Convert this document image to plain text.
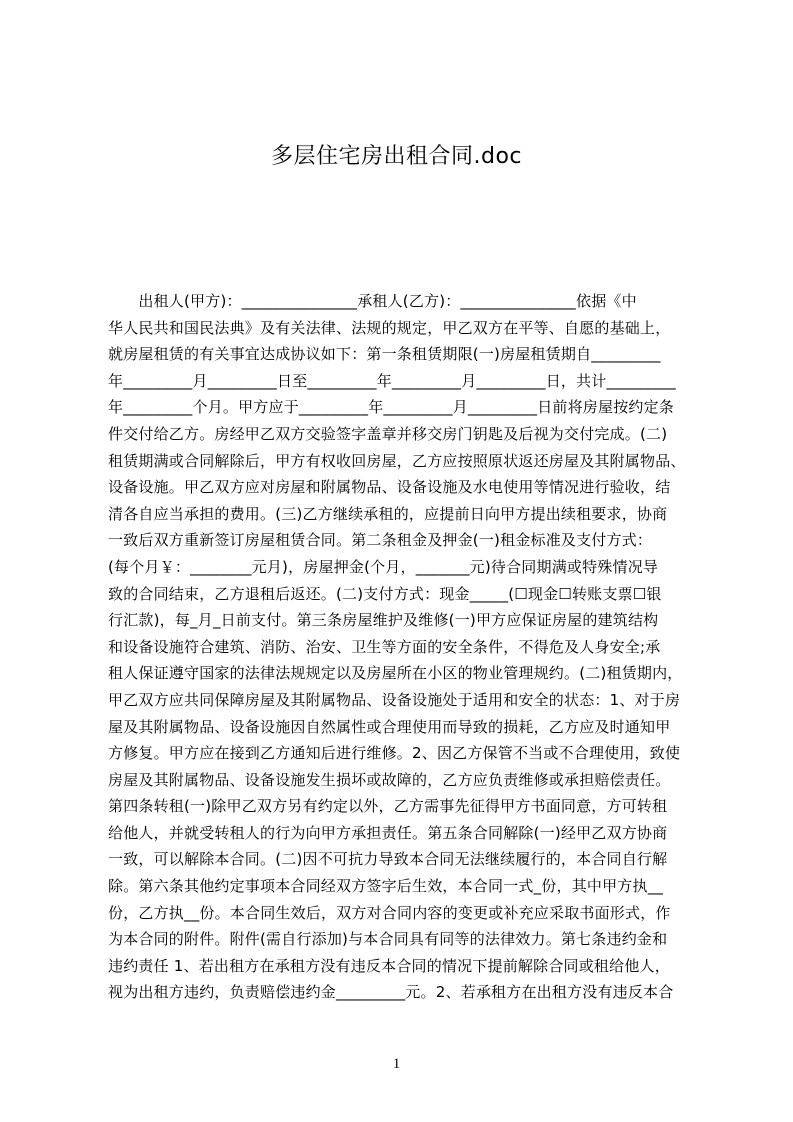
多层住宅房出租合同.doc
　　出租人(甲方)：_______________承租人(乙方)：_______________依据《中
华人民共和国民法典》及有关法律、法规的规定，甲乙双方在平等、自愿的基础上，
就房屋租赁的有关事宜达成协议如下：第一条租赁期限(一)房屋租赁期自_________
年_________月_________日至_________年_________月_________日，共计_________
年_________个月。甲方应于_________年_________月_________日前将房屋按约定条
件交付给乙方。房经甲乙双方交验签字盖章并移交房门钥匙及后视为交付完成。(二)
租赁期满或合同解除后，甲方有权收回房屋，乙方应按照原状返还房屋及其附属物品、
设备设施。甲乙双方应对房屋和附属物品、设备设施及水电使用等情况进行验收，结
清各自应当承担的费用。(三)乙方继续承租的，应提前日向甲方提出续租要求，协商
一致后双方重新签订房屋租赁合同。第二条租金及押金(一)租金标准及支付方式：
(每个月￥：________元月)，房屋押金(个月，_______元)待合同期满或特殊情况导
致的合同结束，乙方退租后返还。(二)支付方式：现金_____(☐现金☐转账支票☐银
行汇款)，每_月_日前支付。第三条房屋维护及维修(一)甲方应保证房屋的建筑结构
和设备设施符合建筑、消防、治安、卫生等方面的安全条件，不得危及人身安全;承
租人保证遵守国家的法律法规规定以及房屋所在小区的物业管理规约。(二)租赁期内，
甲乙双方应共同保障房屋及其附属物品、设备设施处于适用和安全的状态：1、对于房
屋及其附属物品、设备设施因自然属性或合理使用而导致的损耗，乙方应及时通知甲
方修复。甲方应在接到乙方通知后进行维修。2、因乙方保管不当或不合理使用，致使
房屋及其附属物品、设备设施发生损坏或故障的，乙方应负责维修或承担赔偿责任。
第四条转租(一)除甲乙双方另有约定以外，乙方需事先征得甲方书面同意，方可转租
给他人，并就受转租人的行为向甲方承担责任。第五条合同解除(一)经甲乙双方协商
一致，可以解除本合同。(二)因不可抗力导致本合同无法继续履行的，本合同自行解
除。第六条其他约定事项本合同经双方签字后生效，本合同一式_份，其中甲方执__
份，乙方执__份。本合同生效后，双方对合同内容的变更或补充应采取书面形式，作
为本合同的附件。附件(需自行添加)与本合同具有同等的法律效力。第七条违约金和
违约责任 1、若出租方在承租方没有违反本合同的情况下提前解除合同或租给他人，
视为出租方违约，负责赔偿违约金_________元。2、若承租方在出租方没有违反本合
1
